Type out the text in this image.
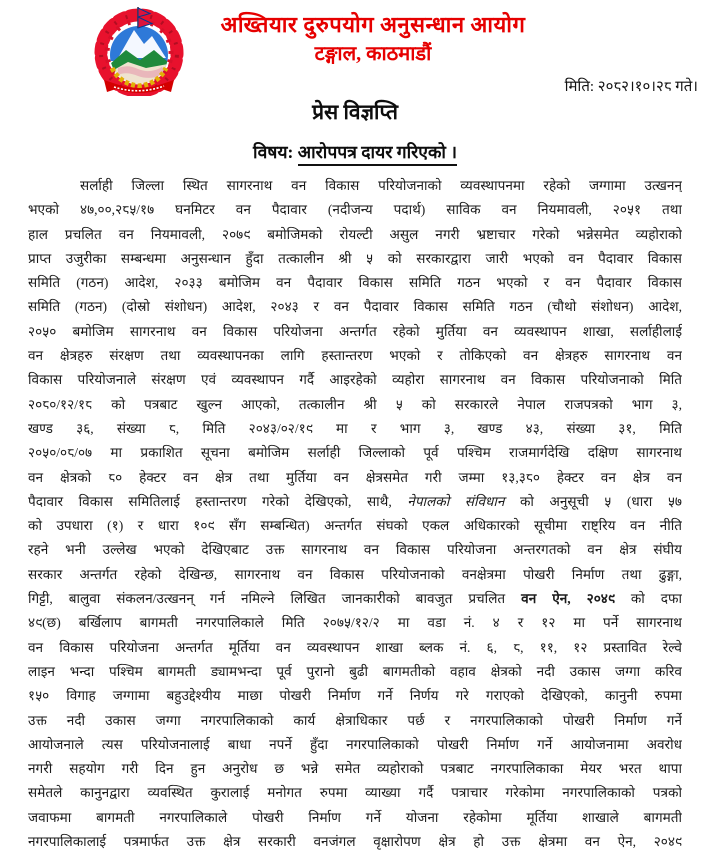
अख्तियार दुरुपयोग अनुसन्धान आयोग
टङ्गाल, काठमाडौं
मिति: २०८२।१०।२८ गते।
प्रेस विज्ञप्ति
विषय: आरोपपत्र दायर गरिएको ।
सर्लाही जिल्ला स्थित सागरनाथ वन विकास परियोजनाको व्यवस्थापनमा रहेको जग्गामा उत्खनन्
भएको ४७,००,२८५/१७ घनमिटर वन पैदावार (नदीजन्य पदार्थ) साविक वन नियमावली, २०५१ तथा
हाल प्रचलित वन नियमावली, २०७९ बमोजिमको रोयल्टी असुल नगरी भ्रष्टाचार गरेको भन्नेसमेत व्यहोराको
प्राप्त उजुरीका सम्बन्धमा अनुसन्धान हुँदा तत्कालीन श्री ५ को सरकारद्वारा जारी भएको वन पैदावार विकास
समिति (गठन) आदेश, २०३३ बमोजिम वन पैदावार विकास समिति गठन भएको र वन पैदावार विकास
समिति (गठन) (दोस्रो संशोधन) आदेश, २०४३ र वन पैदावार विकास समिति गठन (चौथो संशोधन) आदेश,
२०५० बमोजिम सागरनाथ वन विकास परियोजना अन्तर्गत रहेको मुर्तिया वन व्यवस्थापन शाखा, सर्लाहीलाई
वन क्षेत्रहरु संरक्षण तथा व्यवस्थापनका लागि हस्तान्तरण भएको र तोकिएको वन क्षेत्रहरु सागरनाथ वन
विकास परियोजनाले संरक्षण एवं व्यवस्थापन गर्दै आइरहेको व्यहोरा सागरनाथ वन विकास परियोजनाको मिति
२०८०/१२/१८ को पत्रबाट खुल्न आएको, तत्कालीन श्री ५ को सरकारले नेपाल राजपत्रको भाग ३,
खण्ड ३६, संख्या ८, मिति २०४३/०२/१९ मा र भाग ३, खण्ड ४३, संख्या ३१, मिति
२०५०/०८/०७ मा प्रकाशित सूचना बमोजिम सर्लाही जिल्लाको पूर्व पश्चिम राजमार्गदेखि दक्षिण सागरनाथ
वन क्षेत्रको ८० हेक्टर वन क्षेत्र तथा मुर्तिया वन क्षेत्रसमेत गरी जम्मा १३,३८० हेक्टर वन क्षेत्र वन
पैदावार विकास समितिलाई हस्तान्तरण गरेको देखिएको, साथै, नेपालको संविधान को अनुसूची ५ (धारा ५७
को उपधारा (१) र धारा १०९ सँग सम्बन्धित) अन्तर्गत संघको एकल अधिकारको सूचीमा राष्ट्रिय वन नीति
रहने भनी उल्लेख भएको देखिएबाट उक्त सागरनाथ वन विकास परियोजना अन्तरगतको वन क्षेत्र संघीय
सरकार अन्तर्गत रहेको देखिन्छ, सागरनाथ वन विकास परियोजनाको वनक्षेत्रमा पोखरी निर्माण तथा ढुङ्गा,
गिट्टी, बालुवा संकलन/उत्खनन् गर्न नमिल्ने लिखित जानकारीको बावजुत प्रचलित वन ऐन, २०४९ को दफा
४९(छ) बर्खिलाप बागमती नगरपालिकाले मिति २०७५/१२/२ मा वडा नं. ४ र १२ मा पर्ने सागरनाथ
वन विकास परियोजना अन्तर्गत मूर्तिया वन व्यवस्थापन शाखा ब्लक नं. ६, ८, ११, १२ प्रस्तावित रेल्वे
लाइन भन्दा पश्चिम बागमती ड्यामभन्दा पूर्व पुरानो बुढी बागमतीको वहाव क्षेत्रको नदी उकास जग्गा करिव
१५० विगाह जग्गामा बहुउद्देश्यीय माछा पोखरी निर्माण गर्ने निर्णय गरे गराएको देखिएको, कानुनी रुपमा
उक्त नदी उकास जग्गा नगरपालिकाको कार्य क्षेत्राधिकार पर्छ र नगरपालिकाको पोखरी निर्माण गर्ने
आयोजनाले त्यस परियोजनालाई बाधा नपर्ने हुँदा नगरपालिकाको पोखरी निर्माण गर्ने आयोजनामा अवरोध
नगरी सहयोग गरी दिन हुन अनुरोध छ भन्ने समेत व्यहोराको पत्रबाट नगरपालिकाका मेयर भरत थापा
समेतले कानुनद्वारा व्यवस्थित कुरालाई मनोगत रुपमा व्याख्या गर्दै पत्राचार गरेकोमा नगरपालिकाको पत्रको
जवाफमा बागमती नगरपालिकाले पोखरी निर्माण गर्ने योजना रहेकोमा मूर्तिया शाखाले बागमती
नगरपालिकालाई पत्रमार्फत उक्त क्षेत्र सरकारी वनजंगल वृक्षारोपण क्षेत्र हो उक्त क्षेत्रमा वन ऐन, २०४९
